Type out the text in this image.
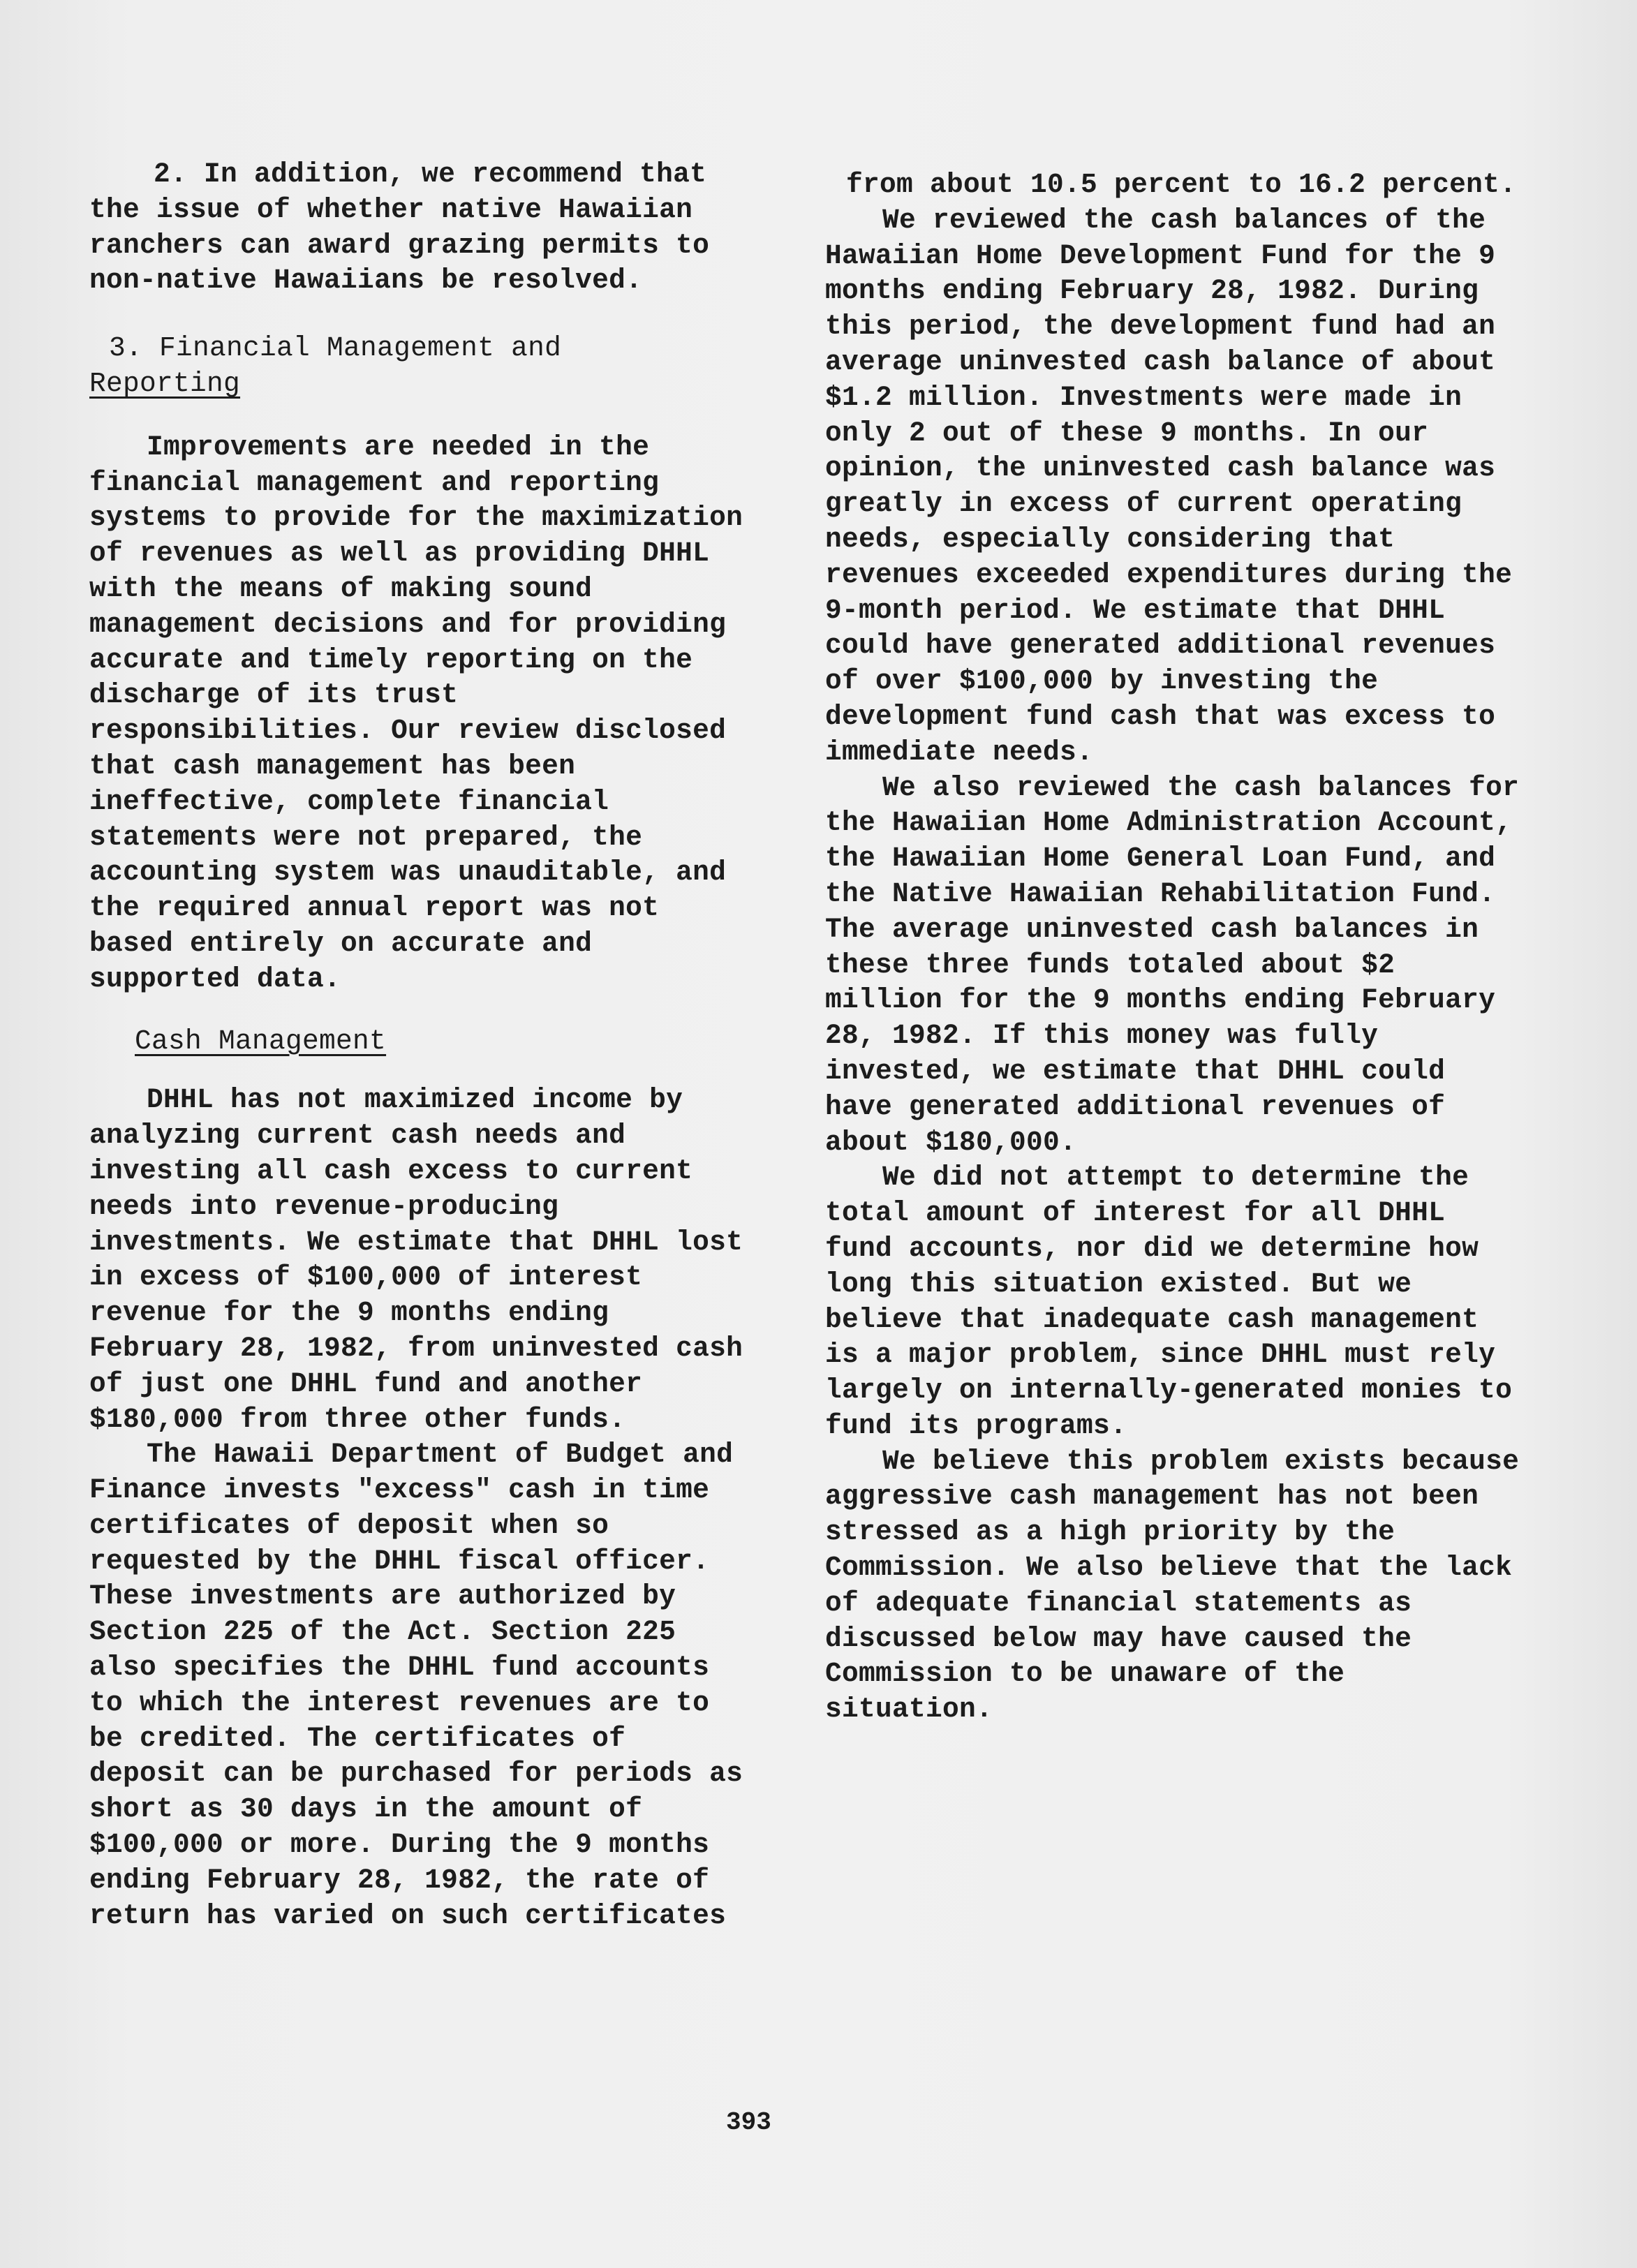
2. In addition, we recommend that the issue of whether native Hawaiian ranchers can award grazing permits to non-native Hawaiians be resolved.

3. Financial Management and
Reporting

Improvements are needed in the financial management and reporting systems to provide for the maximization of revenues as well as providing DHHL with the means of making sound management decisions and for providing accurate and timely reporting on the discharge of its trust responsibilities. Our review disclosed that cash management has been ineffective, complete financial statements were not prepared, the accounting system was unauditable, and the required annual report was not based entirely on accurate and supported data.

Cash Management

DHHL has not maximized income by analyzing current cash needs and investing all cash excess to current needs into revenue-producing investments. We estimate that DHHL lost in excess of $100,000 of interest revenue for the 9 months ending February 28, 1982, from uninvested cash of just one DHHL fund and another $180,000 from three other funds.

The Hawaii Department of Budget and Finance invests "excess" cash in time certificates of deposit when so requested by the DHHL fiscal officer. These investments are authorized by Section 225 of the Act. Section 225 also specifies the DHHL fund accounts to which the interest revenues are to be credited. The certificates of deposit can be purchased for periods as short as 30 days in the amount of $100,000 or more. During the 9 months ending February 28, 1982, the rate of return has varied on such certificates

from about 10.5 percent to 16.2 percent.

We reviewed the cash balances of the Hawaiian Home Development Fund for the 9 months ending February 28, 1982. During this period, the development fund had an average uninvested cash balance of about $1.2 million. Investments were made in only 2 out of these 9 months. In our opinion, the uninvested cash balance was greatly in excess of current operating needs, especially considering that revenues exceeded expenditures during the 9-month period. We estimate that DHHL could have generated additional revenues of over $100,000 by investing the development fund cash that was excess to immediate needs.

We also reviewed the cash balances for the Hawaiian Home Administration Account, the Hawaiian Home General Loan Fund, and the Native Hawaiian Rehabilitation Fund. The average uninvested cash balances in these three funds totaled about $2 million for the 9 months ending February 28, 1982. If this money was fully invested, we estimate that DHHL could have generated additional revenues of about $180,000.

We did not attempt to determine the total amount of interest for all DHHL fund accounts, nor did we determine how long this situation existed. But we believe that inadequate cash management is a major problem, since DHHL must rely largely on internally-generated monies to fund its programs.

We believe this problem exists because aggressive cash management has not been stressed as a high priority by the Commission. We also believe that the lack of adequate financial statements as discussed below may have caused the Commission to be unaware of the situation.

393
